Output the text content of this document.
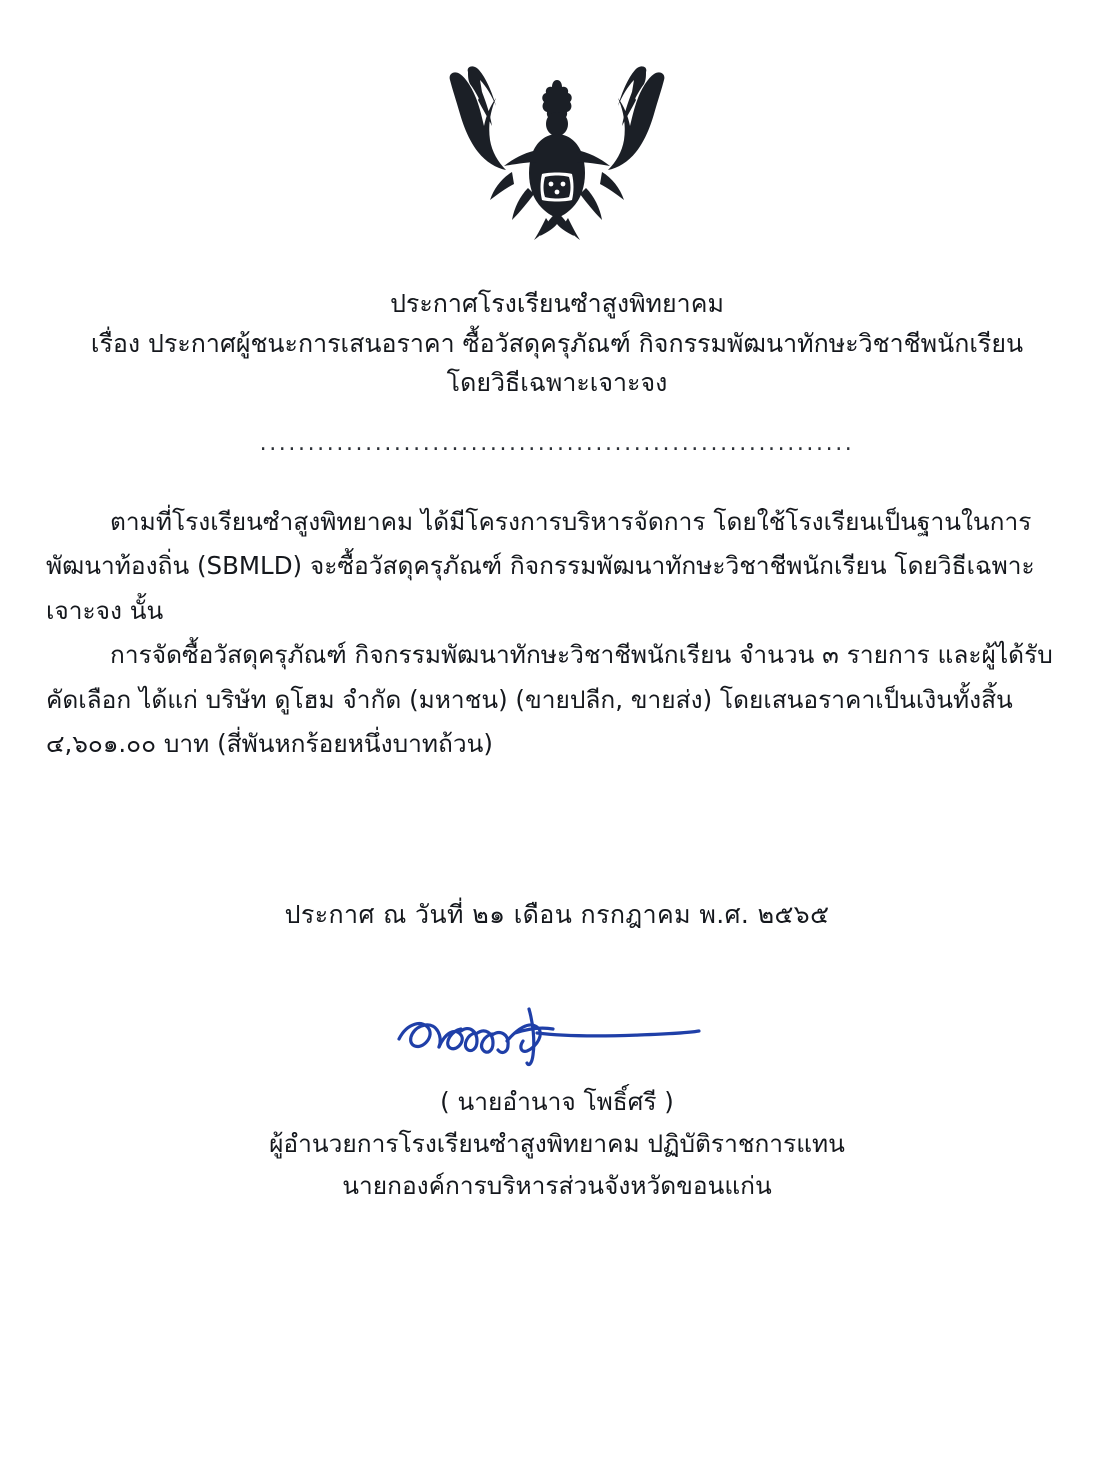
ประกาศโรงเรียนซำสูงพิทยาคม
เรื่อง ประกาศผู้ชนะการเสนอราคา ซื้อวัสดุครุภัณฑ์ กิจกรรมพัฒนาทักษะวิชาชีพนักเรียน
โดยวิธีเฉพาะเจาะจง
..............................................................

ตามที่โรงเรียนซำสูงพิทยาคม ได้มีโครงการบริหารจัดการ โดยใช้โรงเรียนเป็นฐานในการพัฒนาท้องถิ่น (SBMLD) จะซื้อวัสดุครุภัณฑ์ กิจกรรมพัฒนาทักษะวิชาชีพนักเรียน โดยวิธีเฉพาะเจาะจง นั้น

การจัดซื้อวัสดุครุภัณฑ์ กิจกรรมพัฒนาทักษะวิชาชีพนักเรียน จำนวน ๓ รายการ และผู้ได้รับคัดเลือก ได้แก่ บริษัท ดูโฮม จำกัด (มหาชน) (ขายปลีก, ขายส่ง) โดยเสนอราคาเป็นเงินทั้งสิ้น ๔,๖๐๑.๐๐ บาท (สี่พันหกร้อยหนึ่งบาทถ้วน)

ประกาศ ณ วันที่ ๒๑ เดือน กรกฎาคม พ.ศ. ๒๕๖๕
( นายอำนาจ โพธิ์ศรี )
ผู้อำนวยการโรงเรียนซำสูงพิทยาคม ปฏิบัติราชการแทน
นายกองค์การบริหารส่วนจังหวัดขอนแก่น
